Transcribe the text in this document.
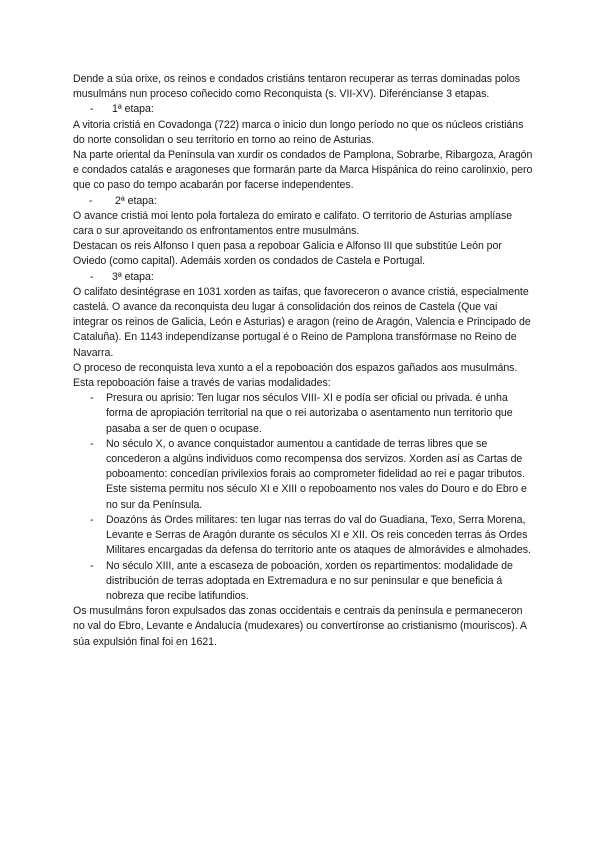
Dende a súa orixe, os reinos e condados cristiáns tentaron recuperar as terras dominadas polos musulmáns nun proceso coñecido como Reconquista (s. VII-XV). Diferéncianse 3 etapas.

-	1ª etapa:

A vitoria cristiá en Covadonga (722) marca o inicio dun longo período no que os núcleos cristiáns do norte consolidan o seu territorio en torno ao reino de Asturias.

Na parte oriental da Península van xurdir os condados de Pamplona, Sobrarbe, Ribargoza, Aragón e condados catalás e aragoneses que formarán parte da Marca Hispánica do reino carolinxio, pero que co paso do tempo acabarán por facerse independentes.

-	2ª etapa:

O avance cristiá moi lento pola fortaleza do emirato e califato. O territorio de Asturias amplíase cara o sur aproveitando os enfrontamentos entre musulmáns.

Destacan os reis Alfonso I quen pasa a repoboar Galicia e Alfonso III que substitúe León por Oviedo (como capital). Ademáis xorden os condados de Castela e Portugal.

-	3ª etapa:

O califato desintégrase en 1031 xorden as taifas, que favoreceron o avance cristiá, especialmente castelá. O avance da reconquista deu lugar á consolidación dos reinos de Castela (Que vai integrar os reinos de Galicia, León e Asturias) e aragon (reino de Aragón, Valencia e Principado de Cataluña). En 1143 independízanse portugal é o Reino de Pamplona transfórmase no Reino de Navarra.

O proceso de reconquista leva xunto a el a repoboación dos espazos gañados aos musulmáns. Esta repoboación faise a través de varias modalidades:

-	Presura ou aprisio: Ten lugar nos séculos VIII- XI e podía ser oficial ou privada. é unha forma de apropiación territorial na que o rei autorizaba o asentamento nun territorio que pasaba a ser de quen o ocupase.
-	No século X, o avance conquistador aumentou a cantidade de terras libres que se concederon a algúns individuos como recompensa dos servizos. Xorden así as Cartas de poboamento: concedían privilexios forais ao comprometer fidelidad ao rei e pagar tributos. Este sistema permitu nos século XI e XIII o repoboamento nos vales do Douro e do Ebro e no sur da Península.
-	Doazóns ás Ordes militares: ten lugar nas terras do val do Guadiana, Texo, Serra Morena, Levante e Serras de Aragón durante os séculos XI e XII. Os reis conceden terras ás Ordes Militares encargadas da defensa do territorio ante os ataques de almorávides e almohades.
-	No século XIII, ante a escaseza de poboación, xorden os repartimentos: modalidade de distribución de terras adoptada en Extremadura e no sur peninsular e que beneficia á nobreza que recibe latifundios.

Os musulmáns foron expulsados das zonas occidentais e centrais da península e permaneceron no val do Ebro, Levante e Andalucía (mudexares) ou convertíronse ao cristianismo (mouriscos). A súa expulsión final foi en 1621.
